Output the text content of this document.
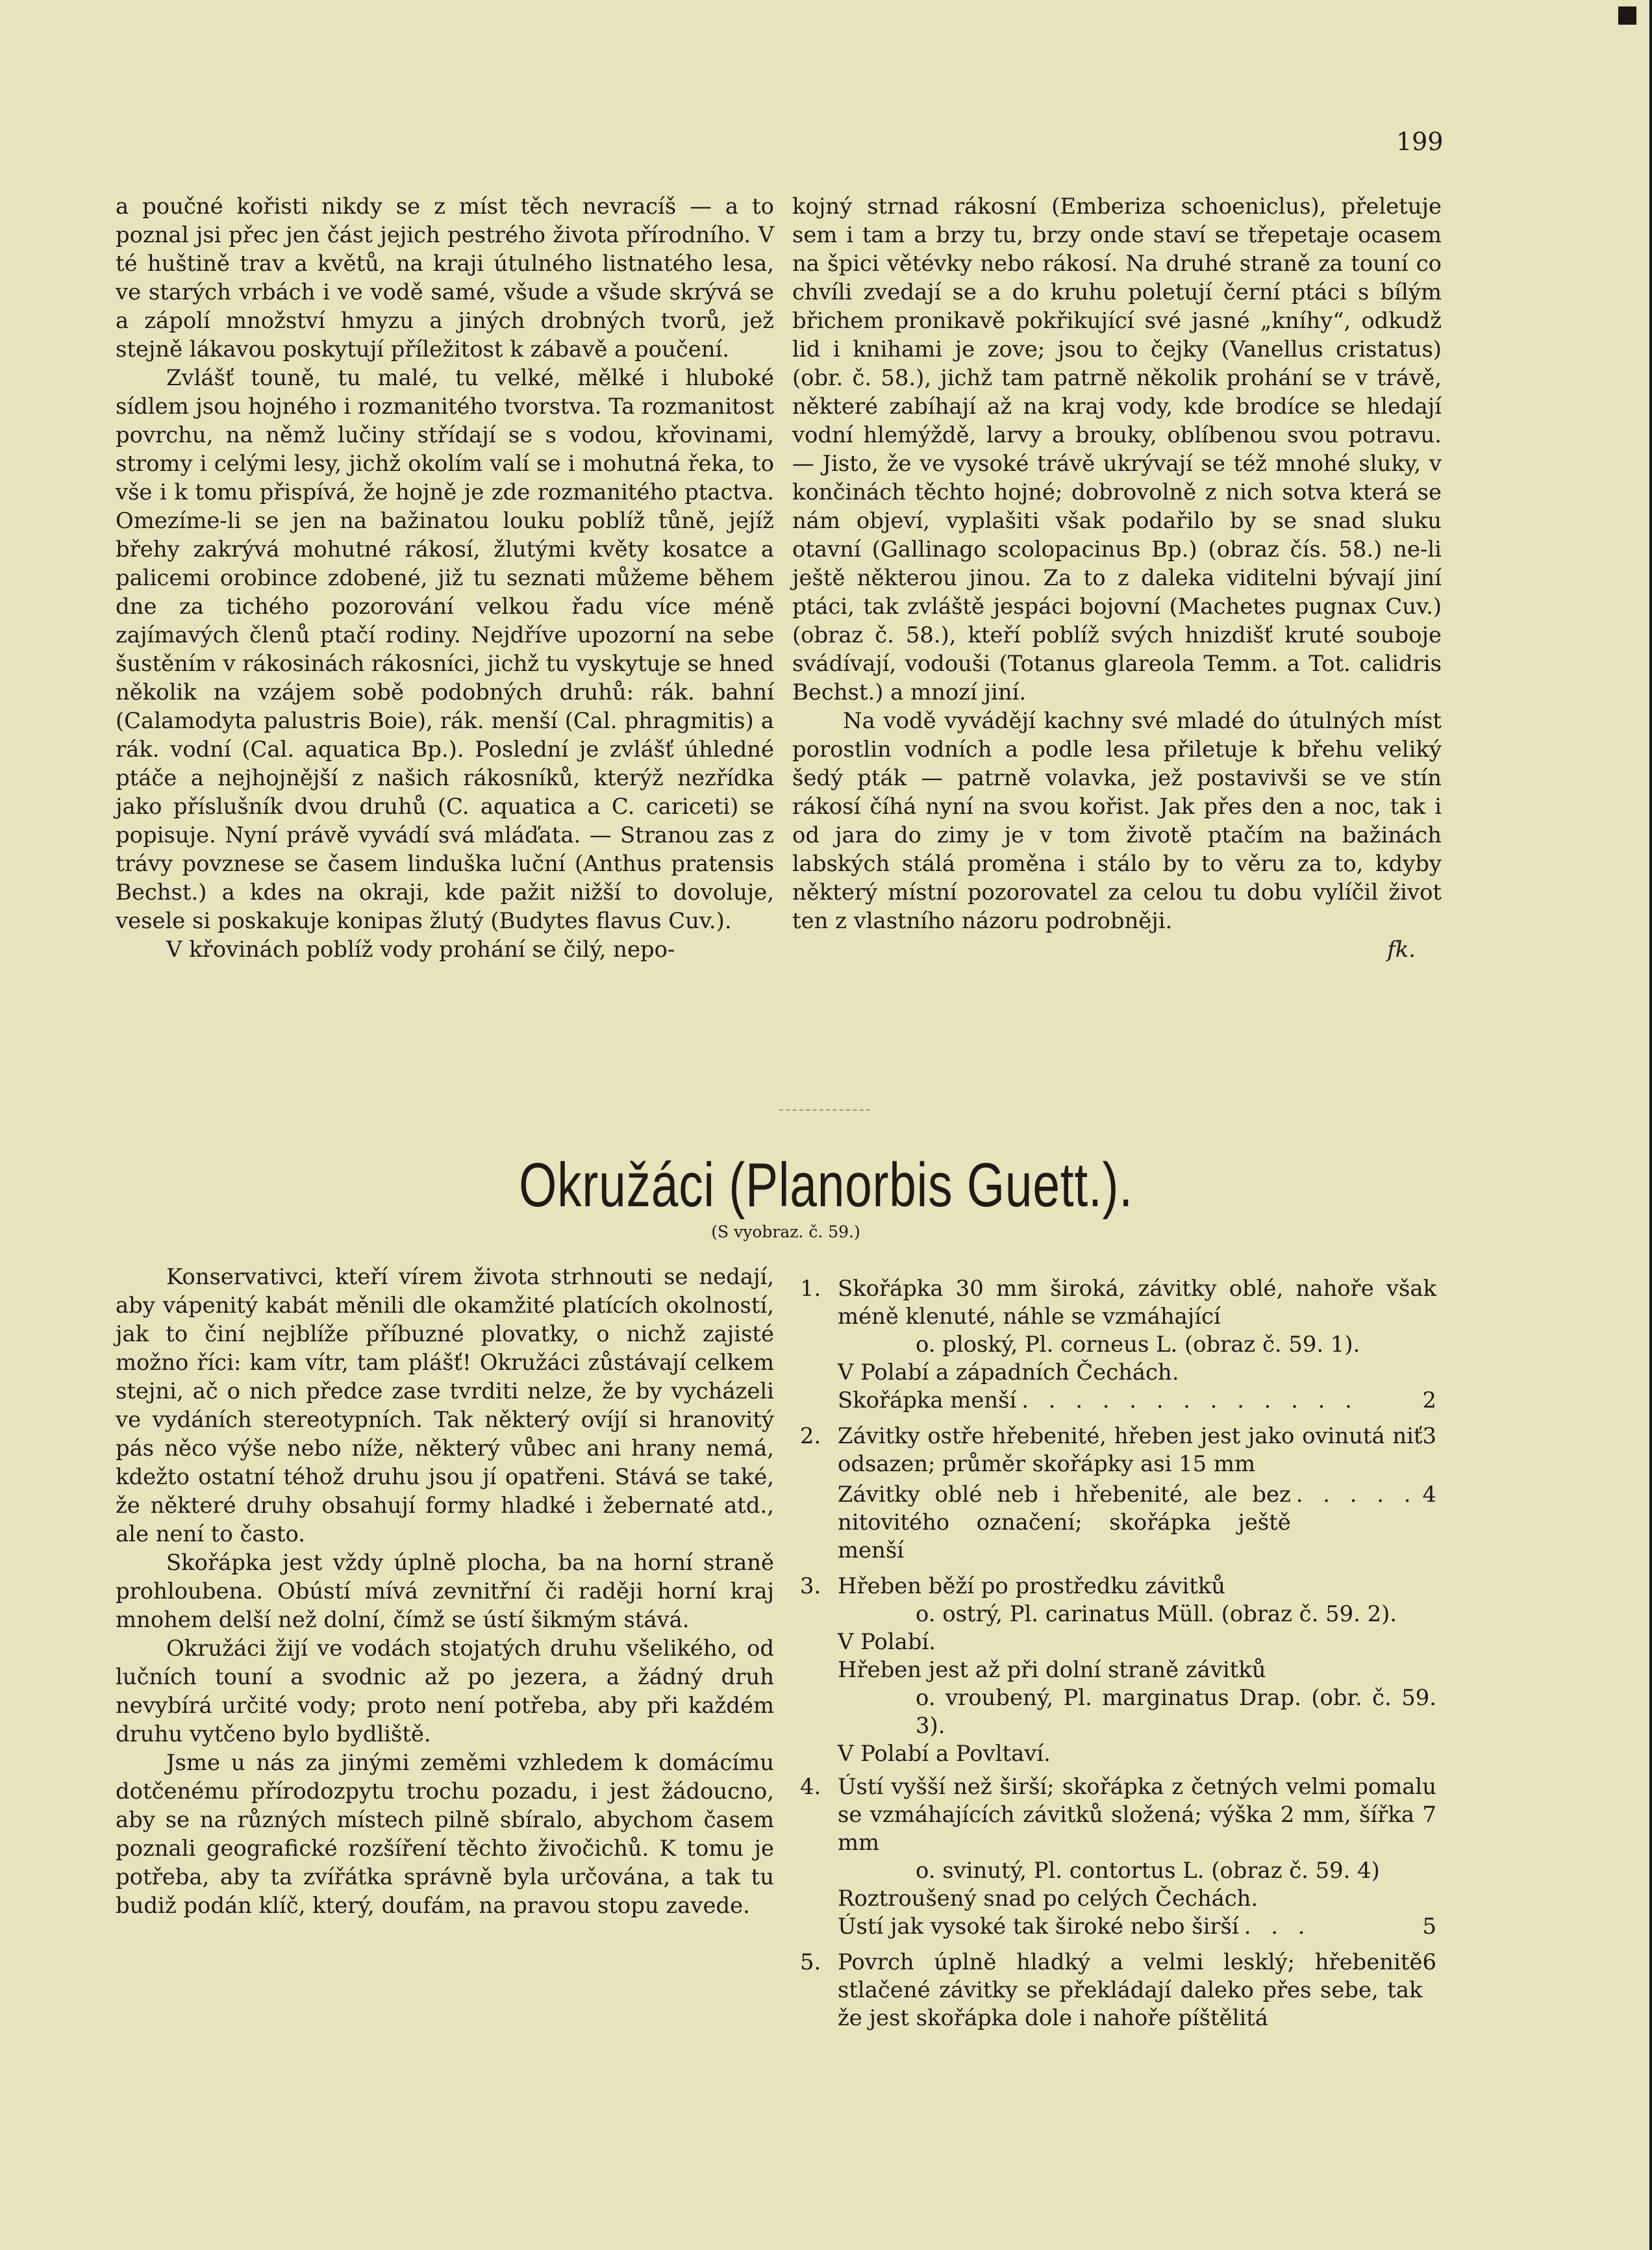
199

a poučné kořisti nikdy se z míst těch nevracíš — a to poznal jsi přec jen část jejich pestrého života přírodního. V té huštině trav a květů, na kraji útulného listnatého lesa, ve starých vrbách i ve vodě samé, všude a všude skrývá se a zápolí množství hmyzu a jiných drobných tvorů, jež stejně lákavou poskytují příležitost k zábavě a poučení.

Zvlášť touně, tu malé, tu velké, mělké i hluboké sídlem jsou hojného i rozmanitého tvorstva. Ta rozmanitost povrchu, na němž lučiny střídají se s vodou, křovinami, stromy i celými lesy, jichž okolím valí se i mohutná řeka, to vše i k tomu přispívá, že hojně je zde rozmanitého ptactva. Omezíme-li se jen na bažinatou louku poblíž tůně, jejíž břehy zakrývá mohutné rákosí, žlutými květy kosatce a palicemi orobince zdobené, již tu seznati můžeme během dne za tichého pozorování velkou řadu více méně zajímavých členů ptačí rodiny. Nejdříve upozorní na sebe šustěním v rákosinách rákosníci, jichž tu vyskytuje se hned několik na vzájem sobě podobných druhů: rák. bahní (Calamodyta palustris Boie), rák. menší (Cal. phragmitis) a rák. vodní (Cal. aquatica Bp.). Poslední je zvlášť úhledné ptáče a nejhojnější z našich rákosníků, kterýž nezřídka jako příslušník dvou druhů (C. aquatica a C. cariceti) se popisuje. Nyní právě vyvádí svá mláďata. — Stranou zas z trávy povznese se časem linduška luční (Anthus pratensis Bechst.) a kdes na okraji, kde pažit nižší to dovoluje, vesele si poskakuje konipas žlutý (Budytes flavus Cuv.).

V křovinách poblíž vody prohání se čilý, nepo-

kojný strnad rákosní (Emberiza schoeniclus), přeletuje sem i tam a brzy tu, brzy onde staví se třepetaje ocasem na špici větévky nebo rákosí. Na druhé straně za touní co chvíli zvedají se a do kruhu poletují černí ptáci s bílým břichem pronikavě pokřikující své jasné „kníhy“, odkudž lid i knihami je zove; jsou to čejky (Vanellus cristatus) (obr. č. 58.), jichž tam patrně několik prohání se v trávě, některé zabíhají až na kraj vody, kde brodíce se hledají vodní hlemýždě, larvy a brouky, oblíbenou svou potravu. — Jisto, že ve vysoké trávě ukrývají se též mnohé sluky, v končinách těchto hojné; dobrovolně z nich sotva která se nám objeví, vyplašiti však podařilo by se snad sluku otavní (Gallinago scolopacinus Bp.) (obraz čís. 58.) ne-li ještě některou jinou. Za to z daleka viditelni bývají jiní ptáci, tak zvláště jespáci bojovní (Machetes pugnax Cuv.) (obraz č. 58.), kteří poblíž svých hnizdišť kruté souboje svádívají, vodouši (Totanus glareola Temm. a Tot. calidris Bechst.) a mnozí jiní.

Na vodě vyvádějí kachny své mladé do útulných míst porostlin vodních a podle lesa přiletuje k břehu veliký šedý pták — patrně volavka, jež postavivši se ve stín rákosí číhá nyní na svou kořist. Jak přes den a noc, tak i od jara do zimy je v tom životě ptačím na bažinách labských stálá proměna i stálo by to věru za to, kdyby některý místní pozorovatel za celou tu dobu vylíčil život ten z vlastního názoru podrobněji.

fk.

Okružáci (Planorbis Guett.).
(S vyobraz. č. 59.)

Konservativci, kteří vírem života strhnouti se nedají, aby vápenitý kabát měnili dle okamžité platících okolností, jak to činí nejblíže příbuzné plovatky, o nichž zajisté možno říci: kam vítr, tam plášť! Okružáci zůstávají celkem stejni, ač o nich předce zase tvrditi nelze, že by vycházeli ve vydáních stereotypních. Tak některý ovíjí si hranovitý pás něco výše nebo níže, některý vůbec ani hrany nemá, kdežto ostatní téhož druhu jsou jí opatřeni. Stává se také, že některé druhy obsahují formy hladké i žebernaté atd., ale není to často.

Skořápka jest vždy úplně plocha, ba na horní straně prohloubena. Obústí mívá zevnitřní či raději horní kraj mnohem delší než dolní, čímž se ústí šikmým stává.

Okružáci žijí ve vodách stojatých druhu všelikého, od lučních touní a svodnic až po jezera, a žádný druh nevybírá určité vody; proto není potřeba, aby při každém druhu vytčeno bylo bydliště.

Jsme u nás za jinými zeměmi vzhledem k domácímu dotčenému přírodozpytu trochu pozadu, i jest žádoucno, aby se na různých místech pilně sbíralo, abychom časem poznali geografické rozšíření těchto živočichů. K tomu je potřeba, aby ta zvířátka správně byla určována, a tak tu budiž podán klíč, který, doufám, na pravou stopu zavede.

1. Skořápka 30 mm široká, závitky oblé, nahoře však méně klenuté, náhle se vzmáhající
o. ploský, Pl. corneus L. (obraz č. 59. 1).
V Polabí a západních Čechách.
Skořápka menší . . . . . . . . . . . . .	2
2. Závitky ostře hřebenité, hřeben jest jako ovinutá niť odsazen; průměr skořápky asi 15 mm
3
Závitky oblé neb i hřebenité, ale bez nitovitého označení; skořápka ještě menší
. . . . . 4
3. Hřeben běží po prostředku závitků
o. ostrý, Pl. carinatus Müll. (obraz č. 59. 2).
V Polabí.
Hřeben jest až při dolní straně závitků
o. vroubený, Pl. marginatus Drap. (obr. č. 59. 3).
V Polabí a Povltaví.
4. Ústí vyšší než širší; skořápka z četných velmi pomalu se vzmáhajících závitků složená; výška 2 mm, šířka 7 mm
o. svinutý, Pl. contortus L. (obraz č. 59. 4)
Roztroušený snad po celých Čechách.
Ústí jak vysoké tak široké nebo širší . . .	5
5. Povrch úplně hladký a velmi lesklý; hřebenitě stlačené závitky se překládají daleko přes sebe, tak že jest skořápka dole i nahoře píštělitá
6
